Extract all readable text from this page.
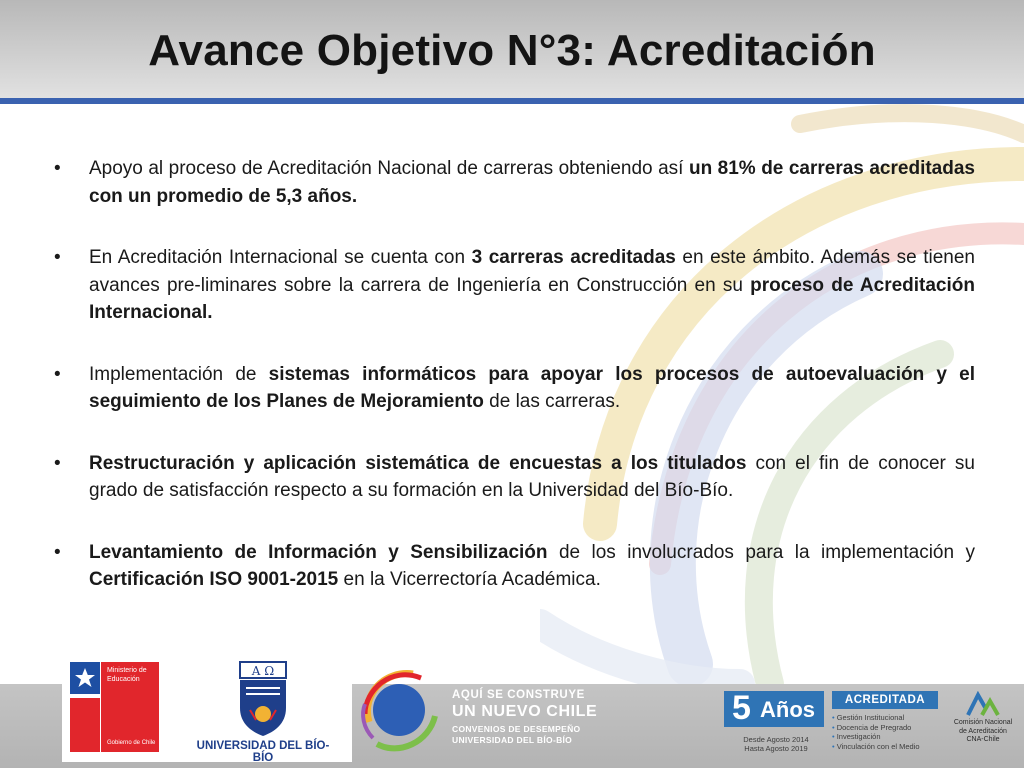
Avance Objetivo N°3: Acreditación
• Apoyo al proceso de Acreditación Nacional de carreras obteniendo así un 81% de carreras acreditadas con un promedio de 5,3 años.

• En Acreditación Internacional se cuenta con 3 carreras acreditadas en este ámbito. Además se tienen avances pre-liminares sobre la carrera de Ingeniería en Construcción en su proceso de Acreditación Internacional.

• Implementación de sistemas informáticos para apoyar los procesos de autoevaluación y el seguimiento de los Planes de Mejoramiento de las carreras.

• Restructuración y aplicación sistemática de encuestas a los titulados con el fin de conocer su grado de satisfacción respecto a su formación en la Universidad del Bío-Bío.

• Levantamiento de Información y Sensibilización de los involucrados para la implementación y Certificación ISO 9001-2015 en la Vicerrectoría Académica.

Ministerio de
Educación
Gobierno de Chile
A Ω
UNIVERSIDAD DEL BÍO-BÍO
AQUÍ SE CONSTRUYE
UN NUEVO CHILE
CONVENIOS DE DESEMPEÑO
UNIVERSIDAD DEL BÍO-BÍO
5 Años
Desde Agosto 2014
Hasta Agosto 2019
ACREDITADA
• Gestión Institucional
• Docencia de Pregrado
• Investigación
• Vinculación con el Medio
Comisión Nacional
de Acreditación
CNA-Chile
